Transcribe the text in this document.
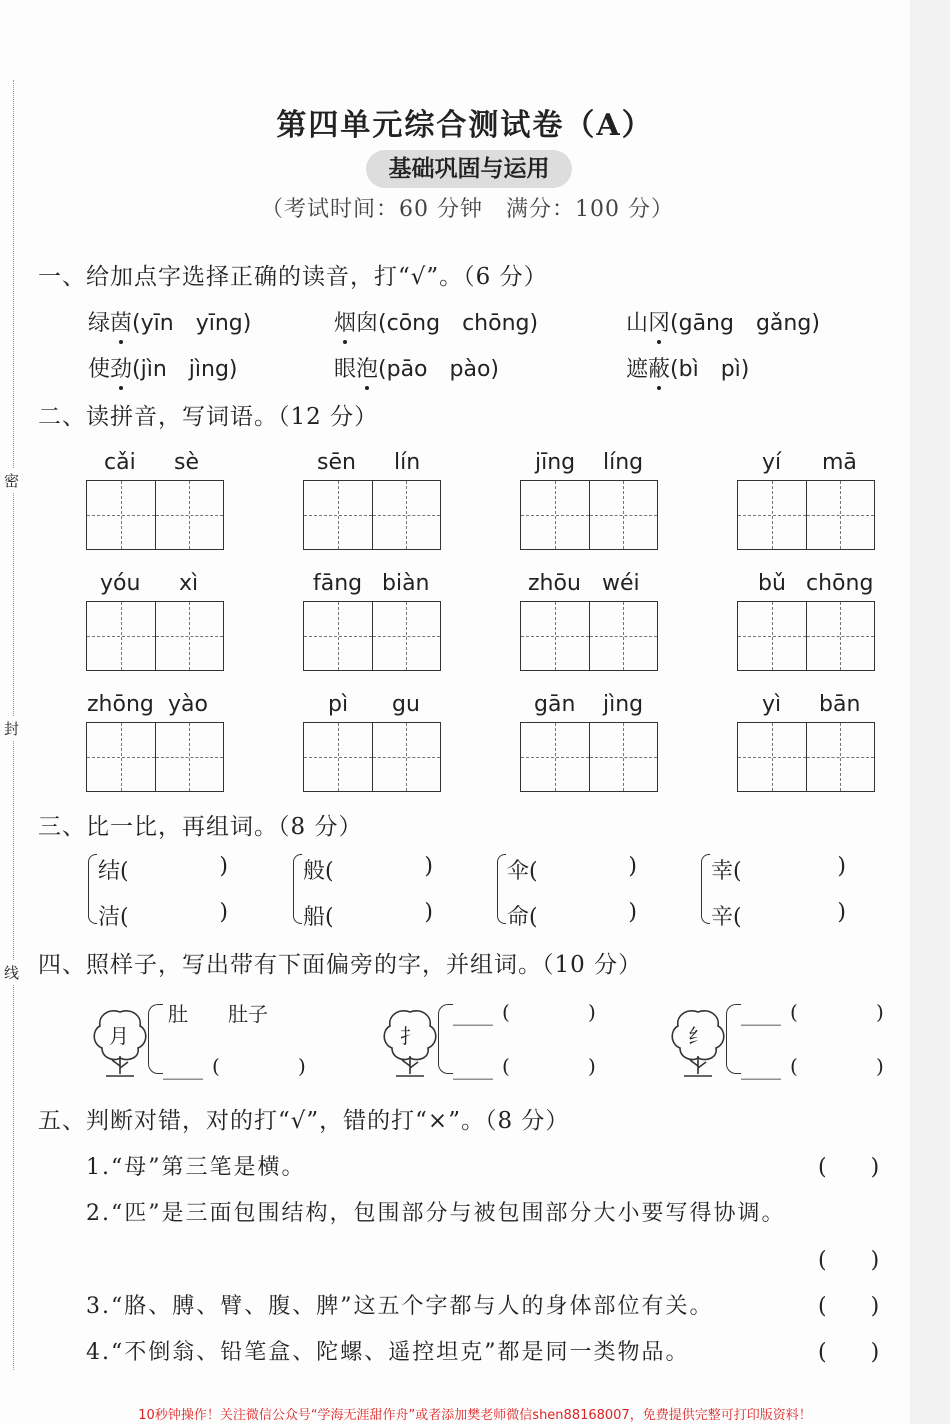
密
封
线
第四单元综合测试卷（A）
基础巩固与运用
（考试时间：60 分钟　满分：100 分）
一、给加点字选择正确的读音，打“√”。（6 分）
绿茵(yīn　yīng)	烟囱(cōng　chōng)	山冈(gāng　gǎng)
使劲(jìn　jìng)	眼泡(pāo　pào)	遮蔽(bì　pì)
二、读拼音，写词语。（12 分）
cǎi sè	sēn lín	jīng líng	yí mā
yóu xì	fāng biàn	zhōu wéi	bǔ chōng
zhōng yào	pì gu	gān jìng	yì bān
三、比一比，再组词。（8 分）
结(	)
洁(	)
般(	)
船(	)
伞(	)
命(	)
幸(	)
辛(	)
四、照样子，写出带有下面偏旁的字，并组词。（10 分）
月
肚 肚子
＿＿ (	)
扌
＿＿ (	)
＿＿ (	)
纟
＿＿ (	)
＿＿ (	)
五、判断对错，对的打“√”，错的打“×”。（8 分）
1.“母”第三笔是横。	(　　)
2.“匹”是三面包围结构，包围部分与被包围部分大小要写得协调。
(　　)
3.“胳、膊、臂、腹、脾”这五个字都与人的身体部位有关。	(　　)
4.“不倒翁、铅笔盒、陀螺、遥控坦克”都是同一类物品。	(　　)
10秒钟操作！关注微信公众号“学海无涯甜作舟”或者添加樊老师微信shen88168007，免费提供完整可打印版资料！
